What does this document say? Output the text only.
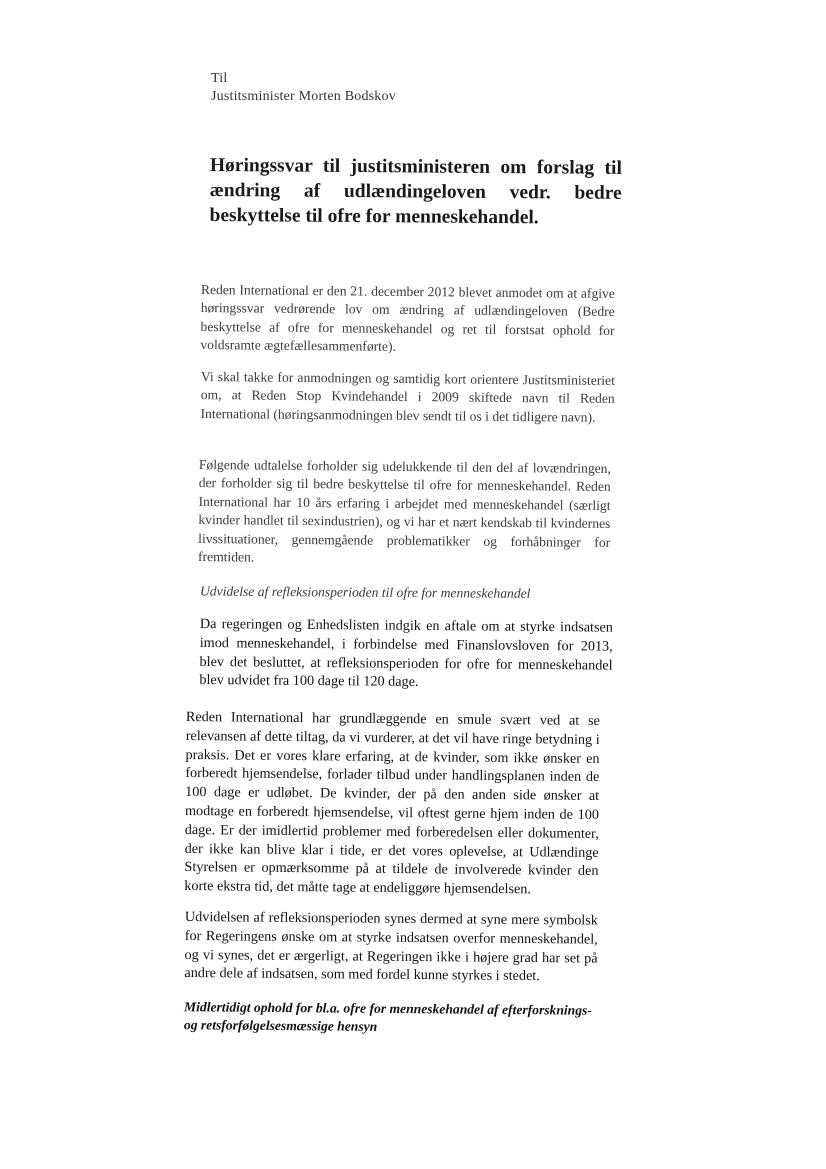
Til
Justitsminister Morten Bodskov
Høringssvar til justitsministeren om forslag til ændring af udlændingeloven vedr. bedre beskyttelse til ofre for menneskehandel.

Reden International er den 21. december 2012 blevet anmodet om at afgive høringssvar vedrørende lov om ændring af udlændingeloven (Bedre beskyttelse af ofre for menneskehandel og ret til forstsat ophold for voldsramte ægtefællesammenførte).

Vi skal takke for anmodningen og samtidig kort orientere Justitsministeriet om, at Reden Stop Kvindehandel i 2009 skiftede navn til Reden International (høringsanmodningen blev sendt til os i det tidligere navn).

Følgende udtalelse forholder sig udelukkende til den del af lovændringen, der forholder sig til bedre beskyttelse til ofre for menneskehandel. Reden International har 10 års erfaring i arbejdet med menneskehandel (særligt kvinder handlet til sexindustrien), og vi har et nært kendskab til kvindernes livssituationer, gennemgående problematikker og forhåbninger for fremtiden.

Udvidelse af refleksionsperioden til ofre for menneskehandel

Da regeringen og Enhedslisten indgik en aftale om at styrke indsatsen imod menneskehandel, i forbindelse med Finanslovsloven for 2013, blev det besluttet, at refleksionsperioden for ofre for menneskehandel blev udvidet fra 100 dage til 120 dage.

Reden International har grundlæggende en smule svært ved at se relevansen af dette tiltag, da vi vurderer, at det vil have ringe betydning i praksis. Det er vores klare erfaring, at de kvinder, som ikke ønsker en forberedt hjemsendelse, forlader tilbud under handlingsplanen inden de 100 dage er udløbet. De kvinder, der på den anden side ønsker at modtage en forberedt hjemsendelse, vil oftest gerne hjem inden de 100 dage. Er der imidlertid problemer med forberedelsen eller dokumenter, der ikke kan blive klar i tide, er det vores oplevelse, at Udlændinge Styrelsen er opmærksomme på at tildele de involverede kvinder den korte ekstra tid, det måtte tage at endeliggøre hjemsendelsen.

Udvidelsen af refleksionsperioden synes dermed at syne mere symbolsk for Regeringens ønske om at styrke indsatsen overfor menneskehandel, og vi synes, det er ærgerligt, at Regeringen ikke i højere grad har set på andre dele af indsatsen, som med fordel kunne styrkes i stedet.

Midlertidigt ophold for bl.a. ofre for menneskehandel af efterforsknings- og retsforfølgelsesmæssige hensyn
